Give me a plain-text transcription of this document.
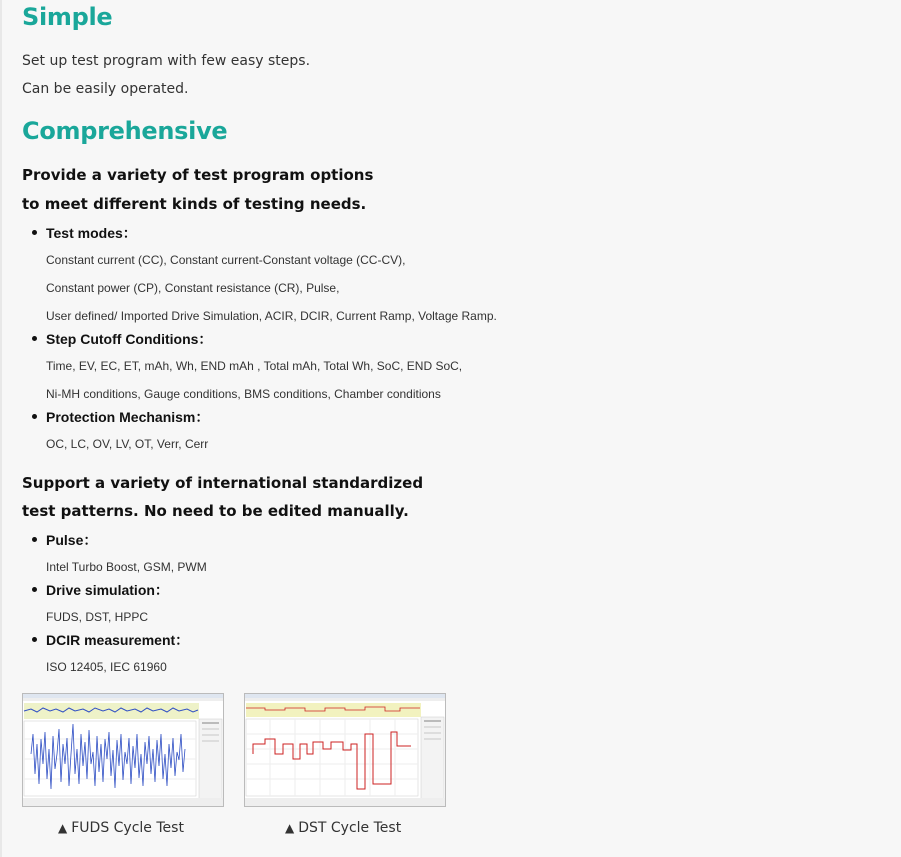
Simple

Set up test program with few easy steps.

Can be easily operated.

Comprehensive

Provide a variety of test program options

to meet different kinds of testing needs.

Test modes：
Constant current (CC), Constant current-Constant voltage (CC-CV),
Constant power (CP), Constant resistance (CR), Pulse,
User defined/ Imported Drive Simulation, ACIR, DCIR, Current Ramp, Voltage Ramp.
Step Cutoff Conditions：
Time, EV, EC, ET, mAh, Wh, END mAh , Total mAh, Total Wh, SoC, END SoC,
Ni-MH conditions, Gauge conditions, BMS conditions, Chamber conditions
Protection Mechanism：
OC, LC, OV, LV, OT, Verr, Cerr

Support a variety of international standardized

test patterns. No need to be edited manually.

Pulse：
Intel Turbo Boost, GSM, PWM
Drive simulation：
FUDS, DST, HPPC
DCIR measurement：
ISO 12405, IEC 61960
▲ FUDS Cycle Test	▲ DST Cycle Test
